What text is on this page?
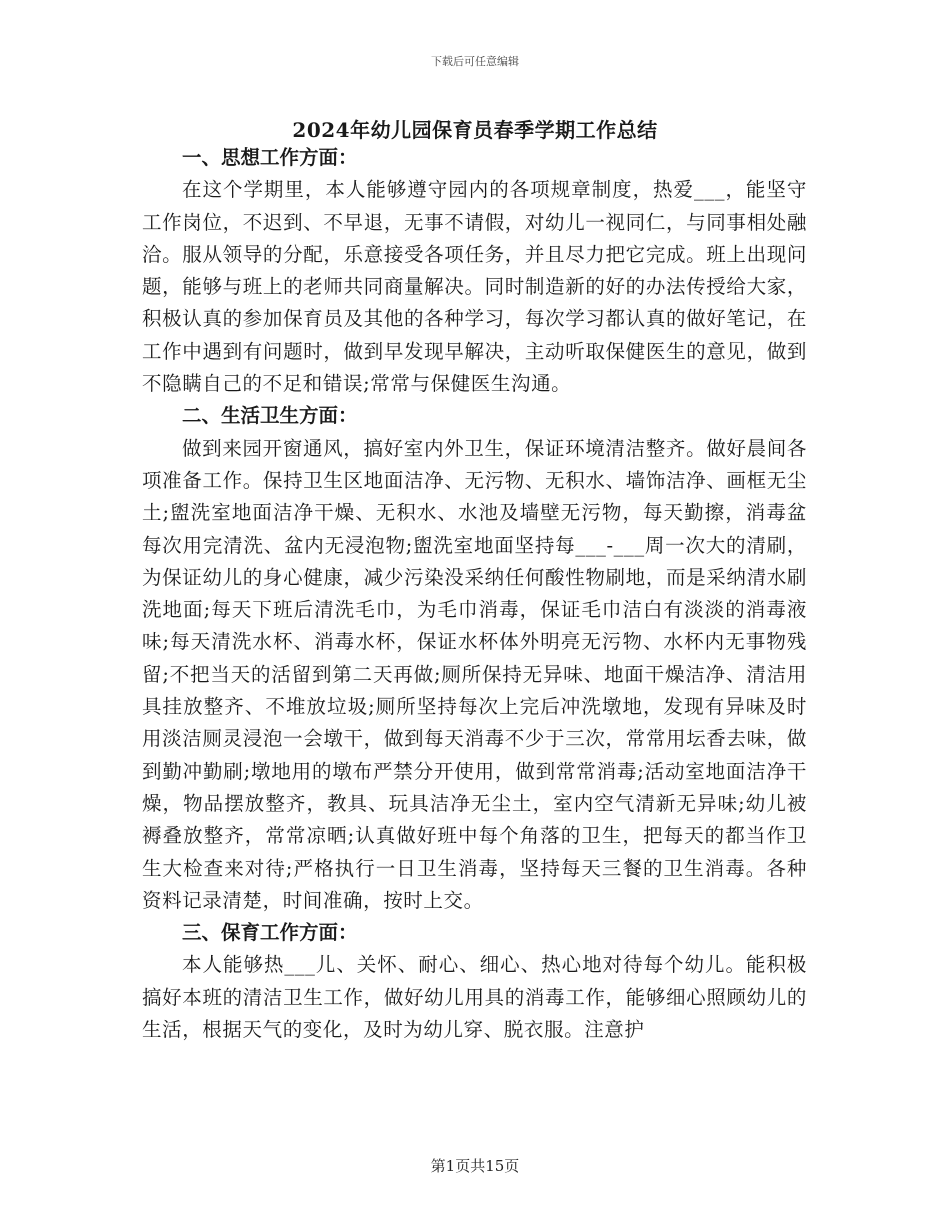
下载后可任意编辑
2024年幼儿园保育员春季学期工作总结
一、思想工作方面：

在这个学期里，本人能够遵守园内的各项规章制度，热爱___，能坚守工作岗位，不迟到、不早退，无事不请假，对幼儿一视同仁，与同事相处融洽。服从领导的分配，乐意接受各项任务，并且尽力把它完成。班上出现问题，能够与班上的老师共同商量解决。同时制造新的好的办法传授给大家，积极认真的参加保育员及其他的各种学习，每次学习都认真的做好笔记，在工作中遇到有问题时，做到早发现早解决，主动听取保健医生的意见，做到不隐瞒自己的不足和错误;常常与保健医生沟通。

二、生活卫生方面：

做到来园开窗通风，搞好室内外卫生，保证环境清洁整齐。做好晨间各项准备工作。保持卫生区地面洁净、无污物、无积水、墙饰洁净、画框无尘土;盥洗室地面洁净干燥、无积水、水池及墙壁无污物，每天勤擦，消毒盆每次用完清洗、盆内无浸泡物;盥洗室地面坚持每___-___周一次大的清刷，为保证幼儿的身心健康，减少污染没采纳任何酸性物刷地，而是采纳清水刷洗地面;每天下班后清洗毛巾，为毛巾消毒，保证毛巾洁白有淡淡的消毒液味;每天清洗水杯、消毒水杯，保证水杯体外明亮无污物、水杯内无事物残留;不把当天的活留到第二天再做;厕所保持无异味、地面干燥洁净、清洁用具挂放整齐、不堆放垃圾;厕所坚持每次上完后冲洗墩地，发现有异味及时用淡洁厕灵浸泡一会墩干，做到每天消毒不少于三次，常常用坛香去味，做到勤冲勤刷;墩地用的墩布严禁分开使用，做到常常消毒;活动室地面洁净干燥，物品摆放整齐，教具、玩具洁净无尘土，室内空气清新无异味;幼儿被褥叠放整齐，常常凉晒;认真做好班中每个角落的卫生，把每天的都当作卫生大检查来对待;严格执行一日卫生消毒，坚持每天三餐的卫生消毒。各种资料记录清楚，时间准确，按时上交。

三、保育工作方面：

本人能够热___儿、关怀、耐心、细心、热心地对待每个幼儿。能积极搞好本班的清洁卫生工作，做好幼儿用具的消毒工作，能够细心照顾幼儿的生活，根据天气的变化，及时为幼儿穿、脱衣服。注意护

第1页共15页
